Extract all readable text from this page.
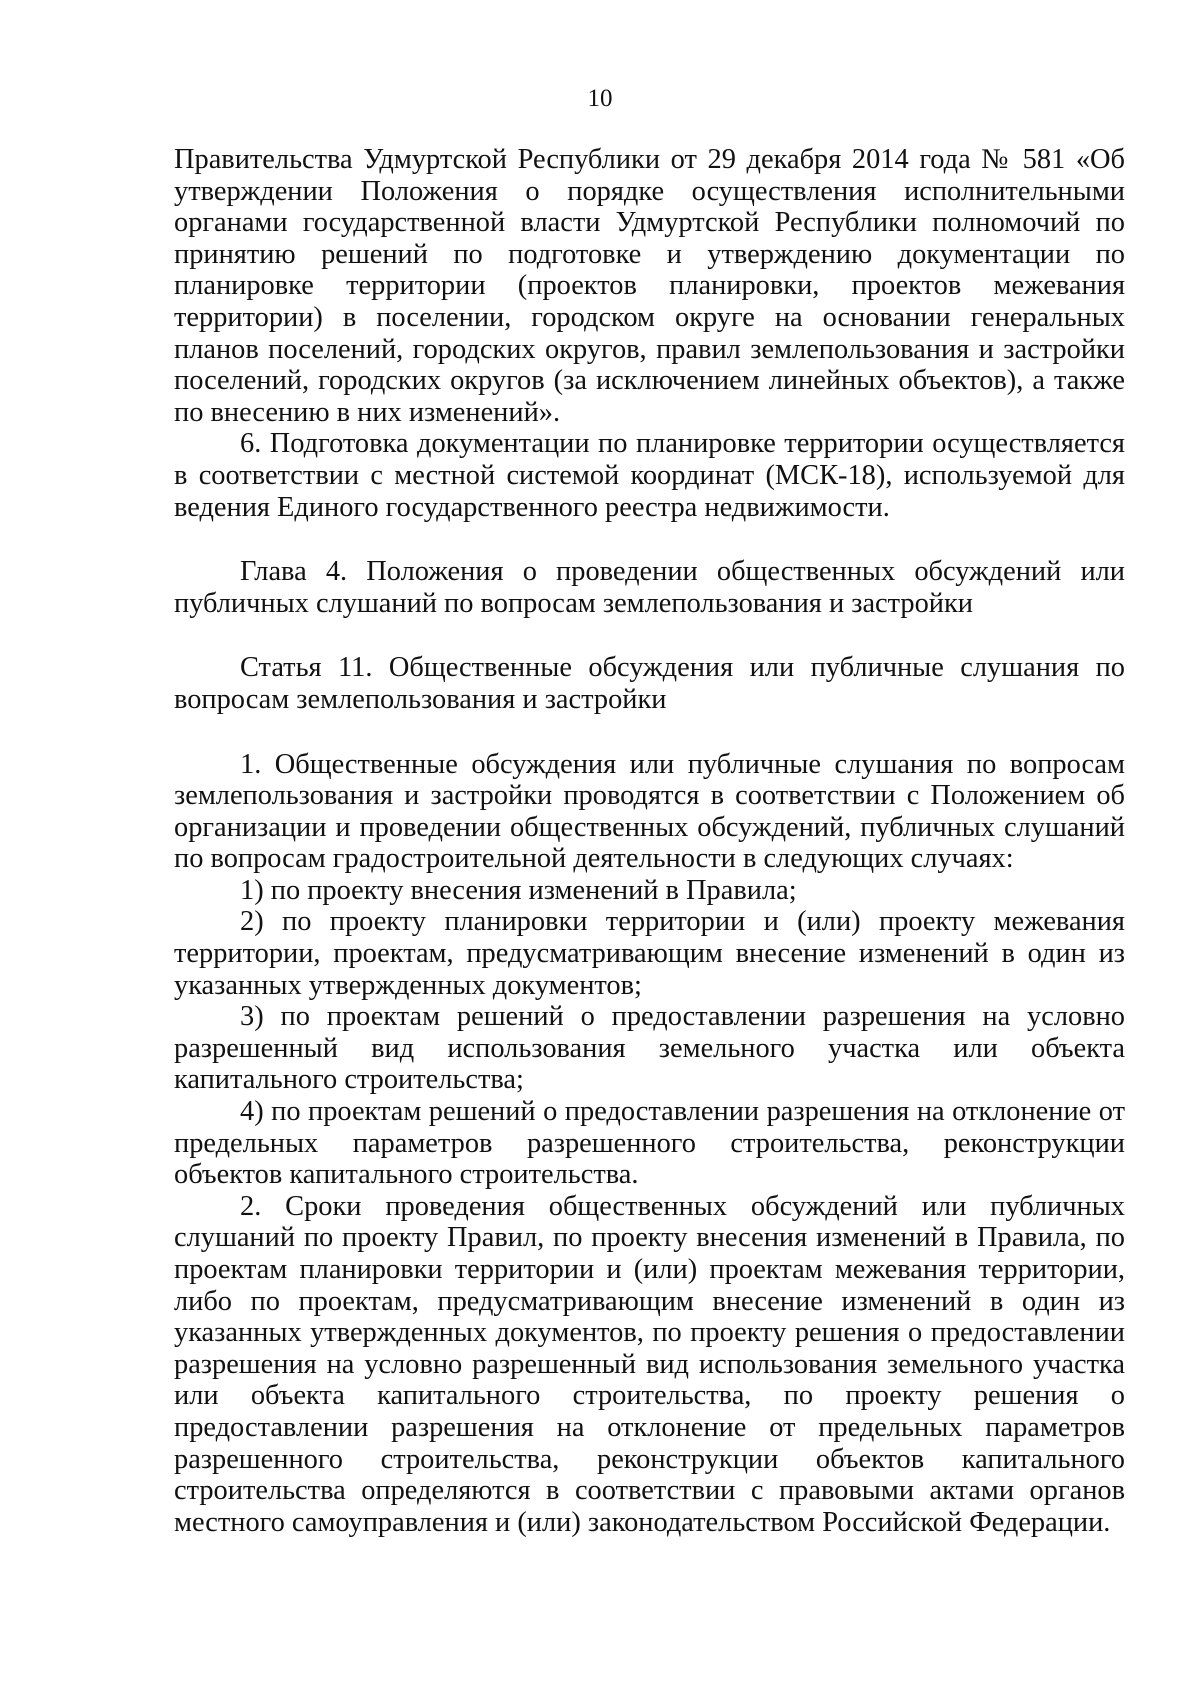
10

Правительства Удмуртской Республики от 29 декабря 2014 года № 581 «Об утверждении Положения о порядке осуществления исполнительными органами государственной власти Удмуртской Республики полномочий по принятию решений по подготовке и утверждению документации по планировке территории (проектов планировки, проектов межевания территории) в поселении, городском округе на основании генеральных планов поселений, городских округов, правил землепользования и застройки поселений, городских округов (за исключением линейных объектов), а также по внесению в них изменений».

6. Подготовка документации по планировке территории осуществляется в соответствии с местной системой координат (МСК-18), используемой для ведения Единого государственного реестра недвижимости.

Глава 4. Положения о проведении общественных обсуждений или публичных слушаний по вопросам землепользования и застройки

Статья 11. Общественные обсуждения или публичные слушания по вопросам землепользования и застройки

1. Общественные обсуждения или публичные слушания по вопросам землепользования и застройки проводятся в соответствии с Положением об организации и проведении общественных обсуждений, публичных слушаний по вопросам градостроительной деятельности в следующих случаях:

1) по проекту внесения изменений в Правила;

2) по проекту планировки территории и (или) проекту межевания территории, проектам, предусматривающим внесение изменений в один из указанных утвержденных документов;

3) по проектам решений о предоставлении разрешения на условно разрешенный вид использования земельного участка или объекта капитального строительства;

4) по проектам решений о предоставлении разрешения на отклонение от предельных параметров разрешенного строительства, реконструкции объектов капитального строительства.

2. Сроки проведения общественных обсуждений или публичных слушаний по проекту Правил, по проекту внесения изменений в Правила, по проектам планировки территории и (или) проектам межевания территории, либо по проектам, предусматривающим внесение изменений в один из указанных утвержденных документов, по проекту решения о предоставлении разрешения на условно разрешенный вид использования земельного участка или объекта капитального строительства, по проекту решения о предоставлении разрешения на отклонение от предельных параметров разрешенного строительства, реконструкции объектов капитального строительства определяются в соответствии с правовыми актами органов местного самоуправления и (или) законодательством Российской Федерации.
